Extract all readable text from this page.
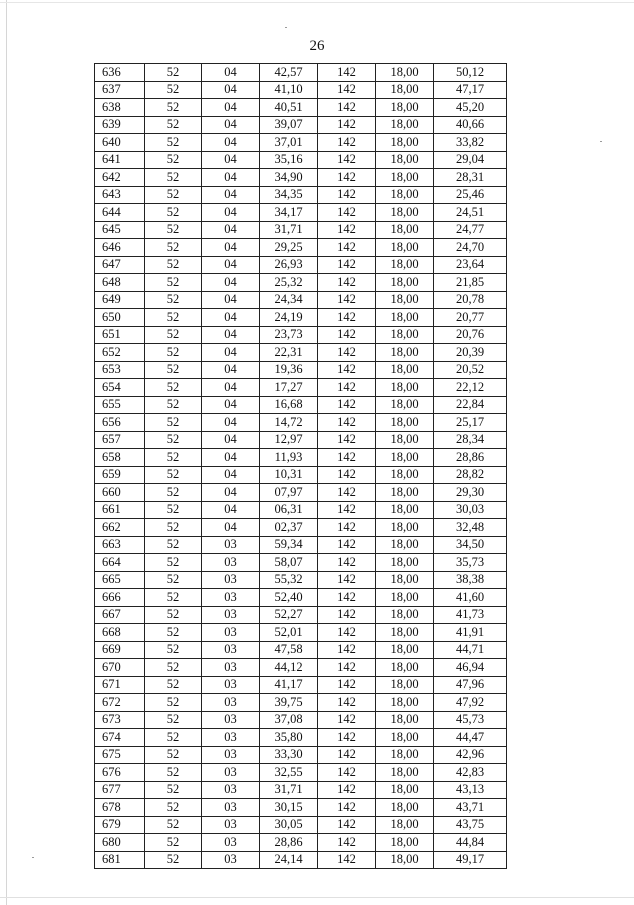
26
636	52	04	42,57	142	18,00	50,12
637	52	04	41,10	142	18,00	47,17
638	52	04	40,51	142	18,00	45,20
639	52	04	39,07	142	18,00	40,66
640	52	04	37,01	142	18,00	33,82
641	52	04	35,16	142	18,00	29,04
642	52	04	34,90	142	18,00	28,31
643	52	04	34,35	142	18,00	25,46
644	52	04	34,17	142	18,00	24,51
645	52	04	31,71	142	18,00	24,77
646	52	04	29,25	142	18,00	24,70
647	52	04	26,93	142	18,00	23,64
648	52	04	25,32	142	18,00	21,85
649	52	04	24,34	142	18,00	20,78
650	52	04	24,19	142	18,00	20,77
651	52	04	23,73	142	18,00	20,76
652	52	04	22,31	142	18,00	20,39
653	52	04	19,36	142	18,00	20,52
654	52	04	17,27	142	18,00	22,12
655	52	04	16,68	142	18,00	22,84
656	52	04	14,72	142	18,00	25,17
657	52	04	12,97	142	18,00	28,34
658	52	04	11,93	142	18,00	28,86
659	52	04	10,31	142	18,00	28,82
660	52	04	07,97	142	18,00	29,30
661	52	04	06,31	142	18,00	30,03
662	52	04	02,37	142	18,00	32,48
663	52	03	59,34	142	18,00	34,50
664	52	03	58,07	142	18,00	35,73
665	52	03	55,32	142	18,00	38,38
666	52	03	52,40	142	18,00	41,60
667	52	03	52,27	142	18,00	41,73
668	52	03	52,01	142	18,00	41,91
669	52	03	47,58	142	18,00	44,71
670	52	03	44,12	142	18,00	46,94
671	52	03	41,17	142	18,00	47,96
672	52	03	39,75	142	18,00	47,92
673	52	03	37,08	142	18,00	45,73
674	52	03	35,80	142	18,00	44,47
675	52	03	33,30	142	18,00	42,96
676	52	03	32,55	142	18,00	42,83
677	52	03	31,71	142	18,00	43,13
678	52	03	30,15	142	18,00	43,71
679	52	03	30,05	142	18,00	43,75
680	52	03	28,86	142	18,00	44,84
681	52	03	24,14	142	18,00	49,17
